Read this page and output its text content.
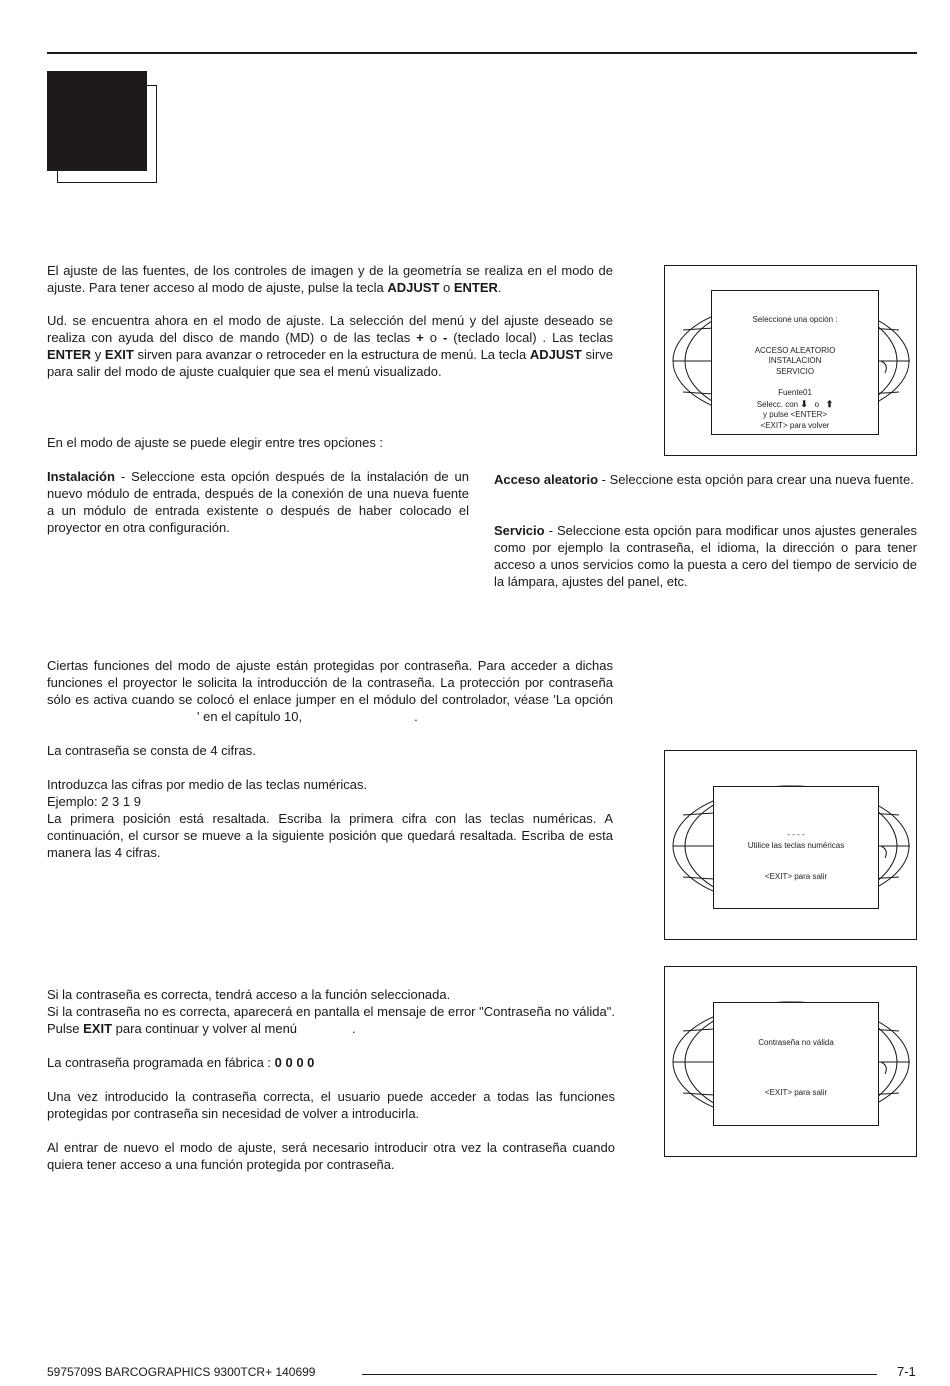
El ajuste de las fuentes, de los controles de imagen y de la geometría se realiza en el modo de ajuste. Para tener acceso al modo de ajuste, pulse la tecla ADJUST o ENTER.

Ud. se encuentra ahora en el modo de ajuste. La selección del menú y del ajuste deseado se realiza con ayuda del disco de mando (MD) o de las teclas + o - (teclado local) . Las teclas ENTER y EXIT sirven para avanzar o retroceder en la estructura de menú. La tecla ADJUST sirve para salir del modo de ajuste cualquier que sea el menú visualizado.

En el modo de ajuste se puede elegir entre tres opciones :

Instalación - Seleccione esta opción después de la instalación de un nuevo módulo de entrada, después de la conexión de una nueva fuente a un módulo de entrada existente o después de haber colocado el proyector en otra configuración.

Acceso aleatorio - Seleccione esta opción para crear una nueva fuente.

Servicio - Seleccione esta opción para modificar unos ajustes generales como por ejemplo la contraseña, el idioma, la dirección o para tener acceso a unos servicios como la puesta a cero del tiempo de servicio de la lámpara, ajustes del panel, etc.

Ciertas funciones del modo de ajuste están protegidas por contraseña. Para acceder a dichas funciones el proyector le solicita la introducción de la contraseña. La protección por contraseña sólo es activa cuando se colocó el enlace jumper en el módulo del controlador, véase 'La opción' en el capítulo 10,	.

La contraseña se consta de 4 cifras.

Introduzca las cifras por medio de las teclas numéricas.
Ejemplo: 2 3 1 9
La primera posición está resaltada. Escriba la primera cifra con las teclas numéricas. A continuación, el cursor se mueve a la siguiente posición que quedará resaltada. Escriba de esta manera las 4 cifras.
Si la contraseña es correcta, tendrá acceso a la función seleccionada.
Si la contraseña no es correcta, aparecerá en pantalla el mensaje de error "Contraseña no válida". Pulse EXIT para continuar y volver al menú	.

La contraseña programada en fábrica : 0 0 0 0

Una vez introducido la contraseña correcta, el usuario puede acceder a todas las funciones protegidas por contraseña sin necesidad de volver a introducirla.

Al entrar de nuevo el modo de ajuste, será necesario introducir otra vez la contraseña cuando quiera tener acceso a una función protegida por contraseña.

Seleccione una opción :
ACCESO ALEATORIO
INSTALACION
SERVICIO
Fuente01
Selecc. con ⬇ o ⬆
y pulse <ENTER>
<EXIT> para volver
- - - -
Utilice las teclas numéricas
<EXIT> para salir
Contraseña no válida
<EXIT> para salir
5975709S BARCOGRAPHICS 9300TCR+ 140699	7-1
